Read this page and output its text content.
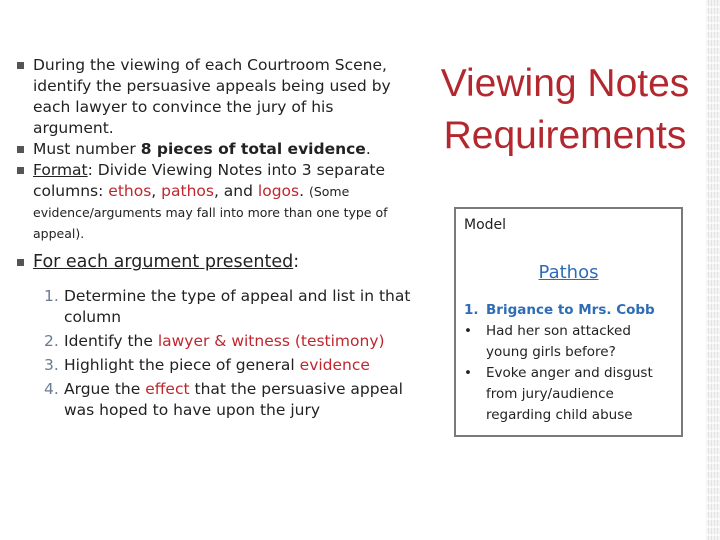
During the viewing of each Courtroom Scene, identify the persuasive appeals being used by each lawyer to convince the jury of his argument.
Must number 8 pieces of total evidence.
Format: Divide Viewing Notes into 3 separate columns: ethos, pathos, and logos. (Some evidence/arguments may fall into more than one type of appeal).
For each argument presented:
1. Determine the type of appeal and list in that column
2. Identify the lawyer & witness (testimony)
3. Highlight the piece of general evidence
4. Argue the effect that the persuasive appeal was hoped to have upon the jury
Viewing Notes
Requirements
Model
Pathos
1. Brigance to Mrs. Cobb
• Had her son attacked young girls before?
• Evoke anger and disgust from jury/audience regarding child abuse
